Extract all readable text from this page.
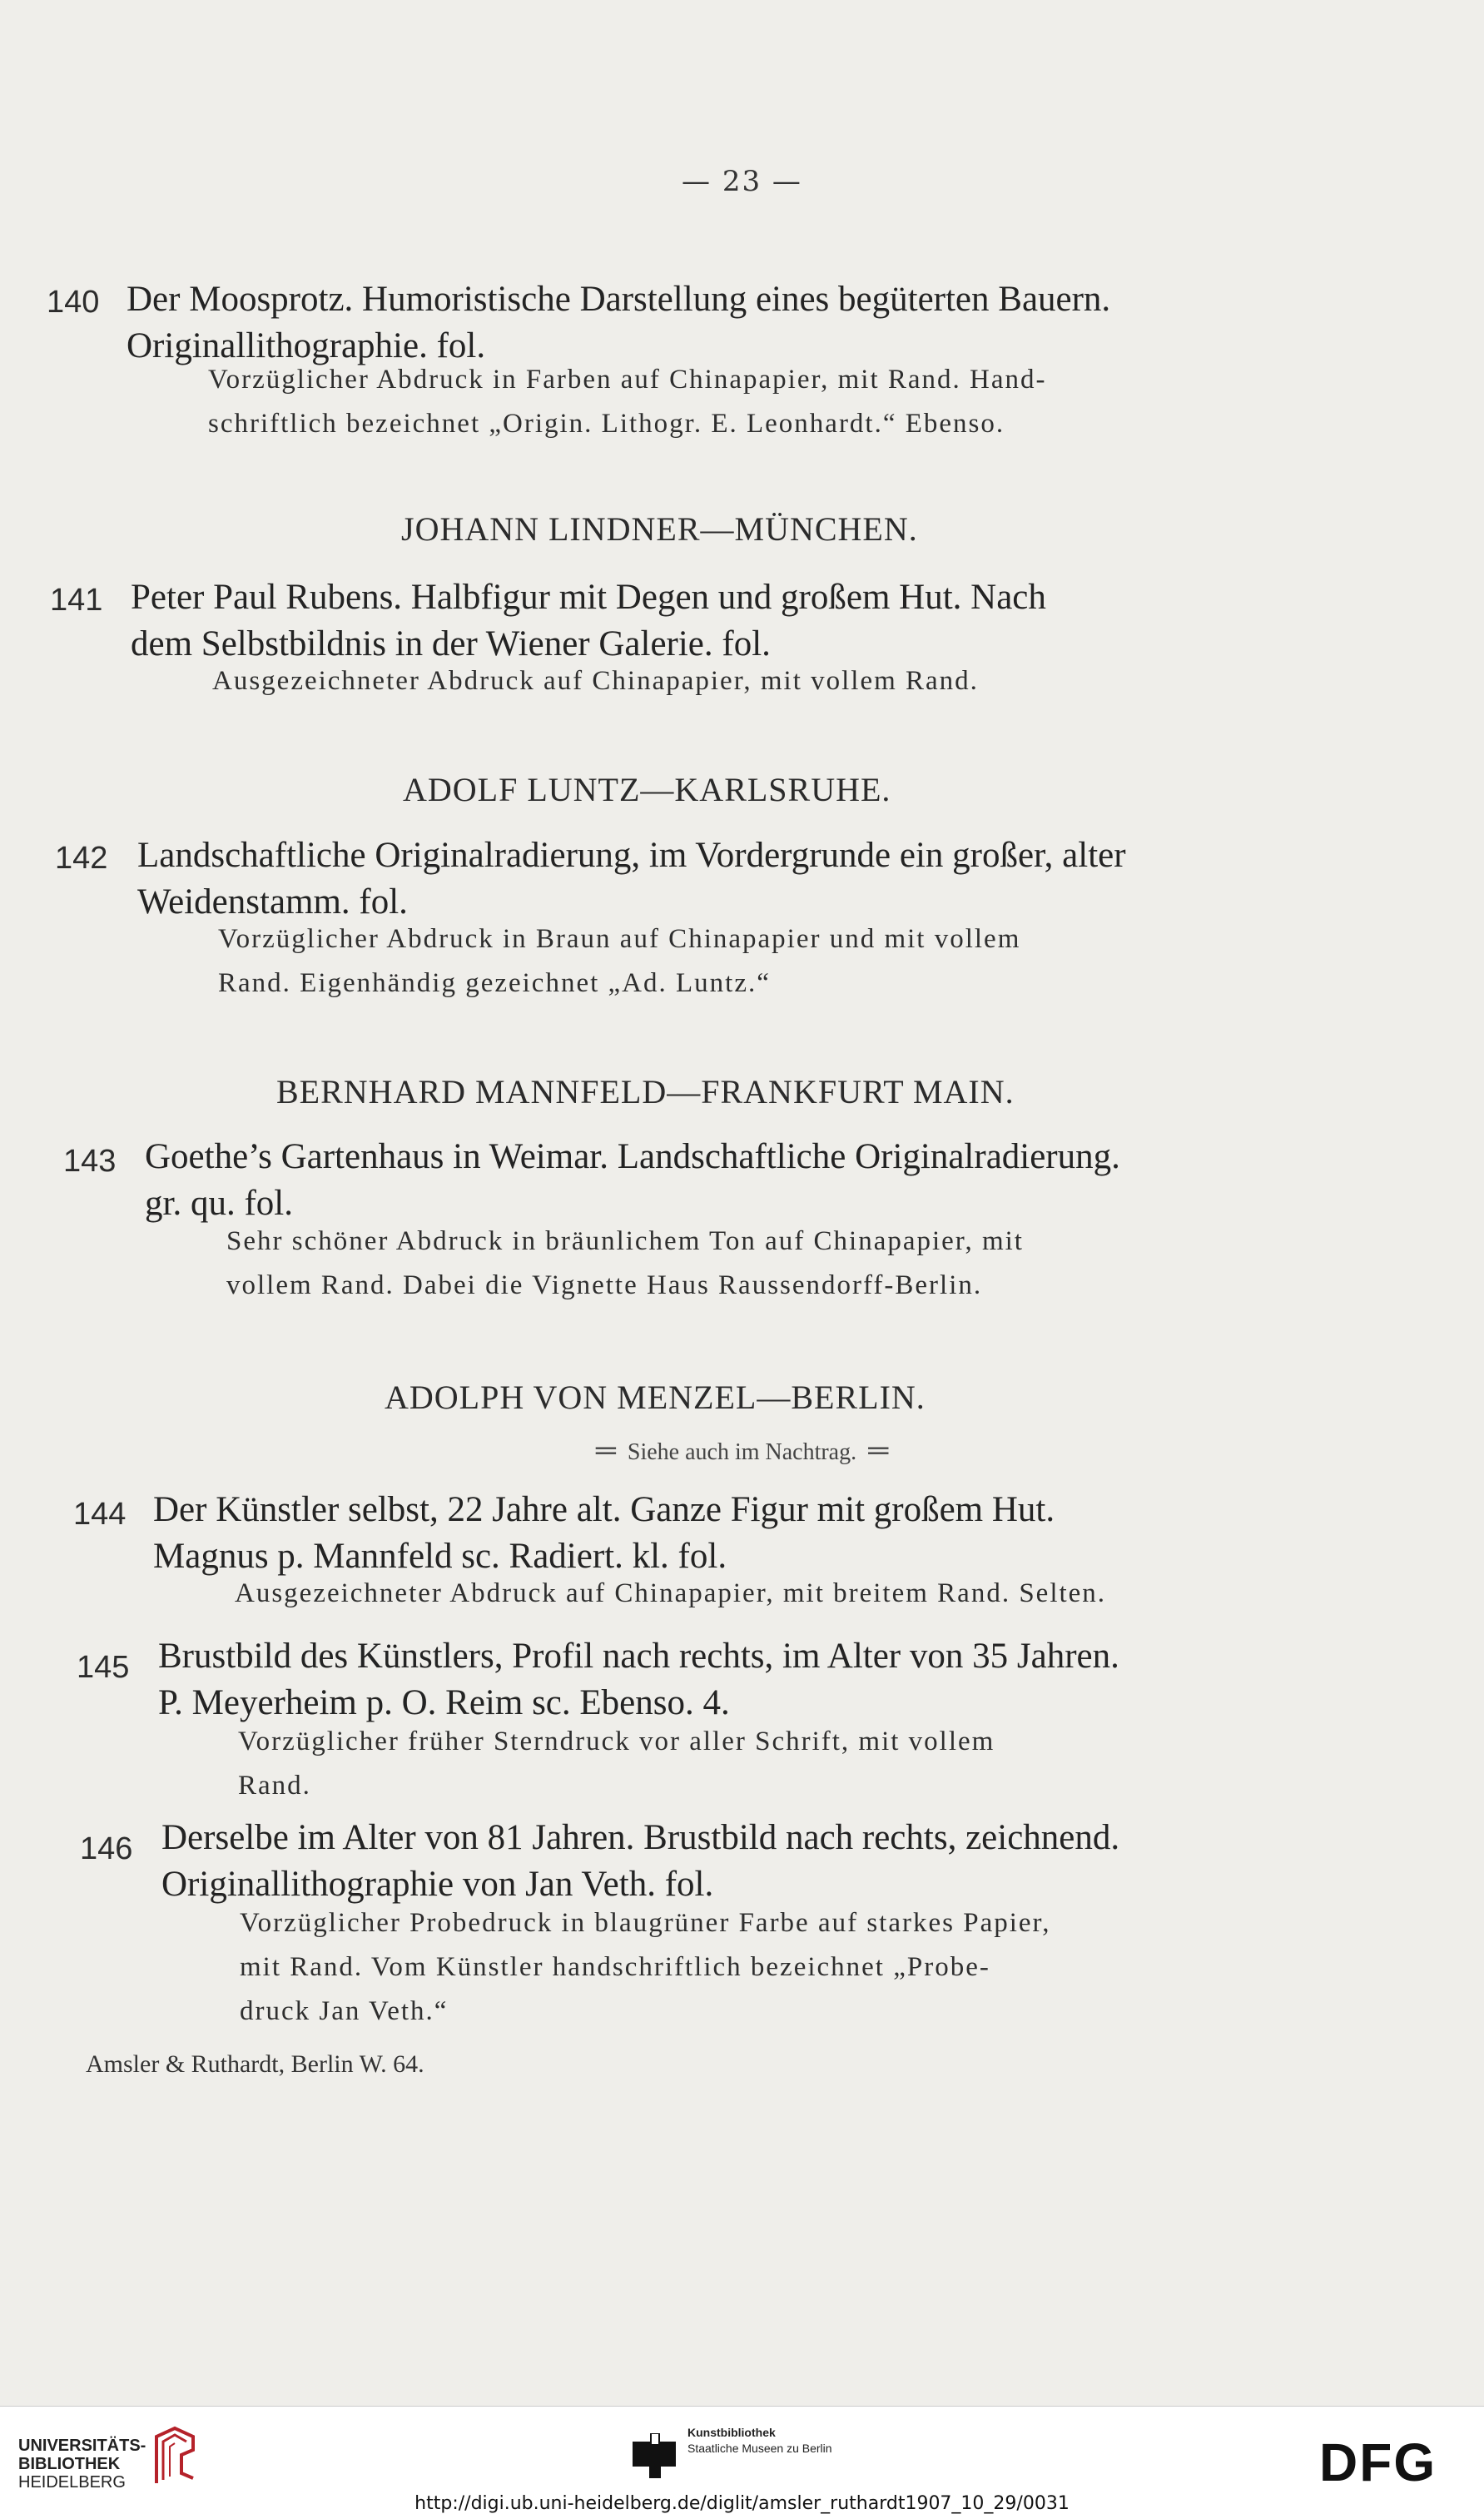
— 23 —
140 Der Moosprotz. Humoristische Darstellung eines begüterten Bauern.
Originallithographie. fol.
Vorzüglicher Abdruck in Farben auf Chinapapier, mit Rand. Hand-
schriftlich bezeichnet „Origin. Lithogr. E. Leonhardt.“ Ebenso.
JOHANN LINDNER—MÜNCHEN.
141 Peter Paul Rubens. Halbfigur mit Degen und großem Hut. Nach
dem Selbstbildnis in der Wiener Galerie. fol.
Ausgezeichneter Abdruck auf Chinapapier, mit vollem Rand.
ADOLF LUNTZ—KARLSRUHE.
142 Landschaftliche Originalradierung, im Vordergrunde ein großer, alter
Weidenstamm. fol.
Vorzüglicher Abdruck in Braun auf Chinapapier und mit vollem
Rand. Eigenhändig gezeichnet „Ad. Luntz.“
BERNHARD MANNFELD—FRANKFURT MAIN.
143 Goethe’s Gartenhaus in Weimar. Landschaftliche Originalradierung.
gr. qu. fol.
Sehr schöner Abdruck in bräunlichem Ton auf Chinapapier, mit
vollem Rand. Dabei die Vignette Haus Raussendorff-Berlin.
ADOLPH VON MENZEL—BERLIN.
═ Siehe auch im Nachtrag. ═
144 Der Künstler selbst, 22 Jahre alt. Ganze Figur mit großem Hut.
Magnus p. Mannfeld sc. Radiert. kl. fol.
Ausgezeichneter Abdruck auf Chinapapier, mit breitem Rand. Selten.
145 Brustbild des Künstlers, Profil nach rechts, im Alter von 35 Jahren.
P. Meyerheim p. O. Reim sc. Ebenso. 4.
Vorzüglicher früher Sterndruck vor aller Schrift, mit vollem
Rand.
146 Derselbe im Alter von 81 Jahren. Brustbild nach rechts, zeichnend.
Originallithographie von Jan Veth. fol.
Vorzüglicher Probedruck in blaugrüner Farbe auf starkes Papier,
mit Rand. Vom Künstler handschriftlich bezeichnet „Probe-
druck Jan Veth.“
Amsler & Ruthardt, Berlin W. 64.
UNIVERSITÄTS-
BIBLIOTHEK
HEIDELBERG
Kunstbibliothek
Staatliche Museen zu Berlin	DFG
http://digi.ub.uni-heidelberg.de/diglit/amsler_ruthardt1907_10_29/0031
